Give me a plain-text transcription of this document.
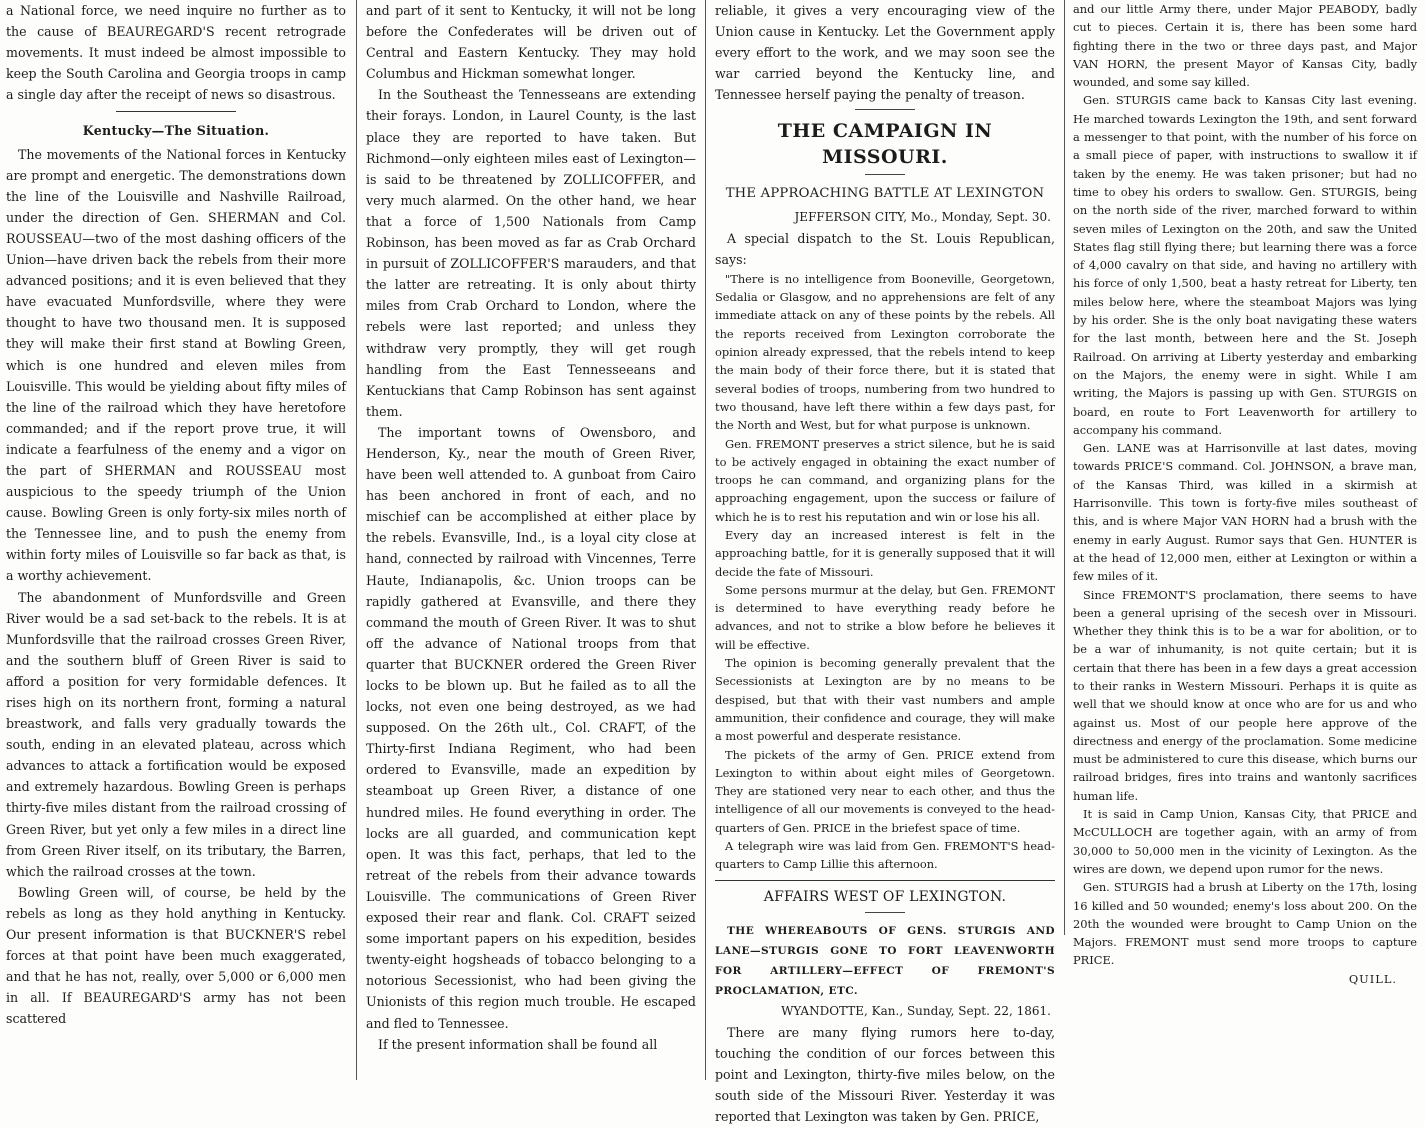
a National force, we need inquire no further as to the cause of BEAUREGARD'S recent retrograde movements. It must indeed be almost impossible to keep the South Carolina and Georgia troops in camp a single day after the receipt of news so disastrous.

Kentucky—The Situation.

The movements of the National forces in Kentucky are prompt and energetic. The demonstrations down the line of the Louisville and Nashville Railroad, under the direction of Gen. SHERMAN and Col. ROUSSEAU—two of the most dashing officers of the Union—have driven back the rebels from their more advanced positions; and it is even believed that they have evacuated Munfordsville, where they were thought to have two thousand men. It is supposed they will make their first stand at Bowling Green, which is one hundred and eleven miles from Louisville. This would be yielding about fifty miles of the line of the railroad which they have heretofore commanded; and if the report prove true, it will indicate a fearfulness of the enemy and a vigor on the part of SHERMAN and ROUSSEAU most auspicious to the speedy triumph of the Union cause. Bowling Green is only forty-six miles north of the Tennessee line, and to push the enemy from within forty miles of Louisville so far back as that, is a worthy achievement.

The abandonment of Munfordsville and Green River would be a sad set-back to the rebels. It is at Munfordsville that the railroad crosses Green River, and the southern bluff of Green River is said to afford a position for very formidable defences. It rises high on its northern front, forming a natural breastwork, and falls very gradually towards the south, ending in an elevated plateau, across which advances to attack a fortification would be exposed and extremely hazardous. Bowling Green is perhaps thirty-five miles distant from the railroad crossing of Green River, but yet only a few miles in a direct line from Green River itself, on its tributary, the Barren, which the railroad crosses at the town.

Bowling Green will, of course, be held by the rebels as long as they hold anything in Kentucky. Our present information is that BUCKNER'S rebel forces at that point have been much exaggerated, and that he has not, really, over 5,000 or 6,000 men in all. If BEAUREGARD'S army has not been scattered

and part of it sent to Kentucky, it will not be long before the Confederates will be driven out of Central and Eastern Kentucky. They may hold Columbus and Hickman somewhat longer.

In the Southeast the Tennesseans are extending their forays. London, in Laurel County, is the last place they are reported to have taken. But Richmond—only eighteen miles east of Lexington—is said to be threatened by ZOLLICOFFER, and very much alarmed. On the other hand, we hear that a force of 1,500 Nationals from Camp Robinson, has been moved as far as Crab Orchard in pursuit of ZOLLICOFFER'S marauders, and that the latter are retreating. It is only about thirty miles from Crab Orchard to London, where the rebels were last reported; and unless they withdraw very promptly, they will get rough handling from the East Tennesseeans and Kentuckians that Camp Robinson has sent against them.

The important towns of Owensboro, and Henderson, Ky., near the mouth of Green River, have been well attended to. A gunboat from Cairo has been anchored in front of each, and no mischief can be accomplished at either place by the rebels. Evansville, Ind., is a loyal city close at hand, connected by railroad with Vincennes, Terre Haute, Indianapolis, &c. Union troops can be rapidly gathered at Evansville, and there they command the mouth of Green River. It was to shut off the advance of National troops from that quarter that BUCKNER ordered the Green River locks to be blown up. But he failed as to all the locks, not even one being destroyed, as we had supposed. On the 26th ult., Col. CRAFT, of the Thirty-first Indiana Regiment, who had been ordered to Evansville, made an expedition by steamboat up Green River, a distance of one hundred miles. He found everything in order. The locks are all guarded, and communication kept open. It was this fact, perhaps, that led to the retreat of the rebels from their advance towards Louisville. The communications of Green River exposed their rear and flank. Col. CRAFT seized some important papers on his expedition, besides twenty-eight hogsheads of tobacco belonging to a notorious Secessionist, who had been giving the Unionists of this region much trouble. He escaped and fled to Tennessee.

If the present information shall be found all

reliable, it gives a very encouraging view of the Union cause in Kentucky. Let the Government apply every effort to the work, and we may soon see the war carried beyond the Kentucky line, and Tennessee herself paying the penalty of treason.

THE CAMPAIGN IN MISSOURI.
THE APPROACHING BATTLE AT LEXINGTON
JEFFERSON CITY, Mo., Monday, Sept. 30.

A special dispatch to the St. Louis Republican, says:

"There is no intelligence from Booneville, Georgetown, Sedalia or Glasgow, and no apprehensions are felt of any immediate attack on any of these points by the rebels. All the reports received from Lexington corroborate the opinion already expressed, that the rebels intend to keep the main body of their force there, but it is stated that several bodies of troops, numbering from two hundred to two thousand, have left there within a few days past, for the North and West, but for what purpose is unknown.

Gen. FREMONT preserves a strict silence, but he is said to be actively engaged in obtaining the exact number of troops he can command, and organizing plans for the approaching engagement, upon the success or failure of which he is to rest his reputation and win or lose his all.

Every day an increased interest is felt in the approaching battle, for it is generally supposed that it will decide the fate of Missouri.

Some persons murmur at the delay, but Gen. FREMONT is determined to have everything ready before he advances, and not to strike a blow before he believes it will be effective.

The opinion is becoming generally prevalent that the Secessionists at Lexington are by no means to be despised, but that with their vast numbers and ample ammunition, their confidence and courage, they will make a most powerful and desperate resistance.

The pickets of the army of Gen. PRICE extend from Lexington to within about eight miles of Georgetown. They are stationed very near to each other, and thus the intelligence of all our movements is conveyed to the head-quarters of Gen. PRICE in the briefest space of time.

A telegraph wire was laid from Gen. FREMONT'S head-quarters to Camp Lillie this afternoon.

AFFAIRS WEST OF LEXINGTON.

THE WHEREABOUTS OF GENS. STURGIS AND LANE—STURGIS GONE TO FORT LEAVENWORTH FOR ARTILLERY—EFFECT OF FREMONT'S PROCLAMATION, ETC.

WYANDOTTE, Kan., Sunday, Sept. 22, 1861.

There are many flying rumors here to-day, touching the condition of our forces between this point and Lexington, thirty-five miles below, on the south side of the Missouri River. Yesterday it was reported that Lexington was taken by Gen. PRICE,

and our little Army there, under Major PEABODY, badly cut to pieces. Certain it is, there has been some hard fighting there in the two or three days past, and Major VAN HORN, the present Mayor of Kansas City, badly wounded, and some say killed.

Gen. STURGIS came back to Kansas City last evening. He marched towards Lexington the 19th, and sent forward a messenger to that point, with the number of his force on a small piece of paper, with instructions to swallow it if taken by the enemy. He was taken prisoner; but had no time to obey his orders to swallow. Gen. STURGIS, being on the north side of the river, marched forward to within seven miles of Lexington on the 20th, and saw the United States flag still flying there; but learning there was a force of 4,000 cavalry on that side, and having no artillery with his force of only 1,500, beat a hasty retreat for Liberty, ten miles below here, where the steamboat Majors was lying by his order. She is the only boat navigating these waters for the last month, between here and the St. Joseph Railroad. On arriving at Liberty yesterday and embarking on the Majors, the enemy were in sight. While I am writing, the Majors is passing up with Gen. STURGIS on board, en route to Fort Leavenworth for artillery to accompany his command.

Gen. LANE was at Harrisonville at last dates, moving towards PRICE'S command. Col. JOHNSON, a brave man, of the Kansas Third, was killed in a skirmish at Harrisonville. This town is forty-five miles southeast of this, and is where Major VAN HORN had a brush with the enemy in early August. Rumor says that Gen. HUNTER is at the head of 12,000 men, either at Lexington or within a few miles of it.

Since FREMONT'S proclamation, there seems to have been a general uprising of the secesh over in Missouri. Whether they think this is to be a war for abolition, or to be a war of inhumanity, is not quite certain; but it is certain that there has been in a few days a great accession to their ranks in Western Missouri. Perhaps it is quite as well that we should know at once who are for us and who against us. Most of our people here approve of the directness and energy of the proclamation. Some medicine must be administered to cure this disease, which burns our railroad bridges, fires into trains and wantonly sacrifices human life.

It is said in Camp Union, Kansas City, that PRICE and McCULLOCH are together again, with an army of from 30,000 to 50,000 men in the vicinity of Lexington. As the wires are down, we depend upon rumor for the news.

Gen. STURGIS had a brush at Liberty on the 17th, losing 16 killed and 50 wounded; enemy's loss about 200. On the 20th the wounded were brought to Camp Union on the Majors. FREMONT must send more troops to capture PRICE.

QUILL.
